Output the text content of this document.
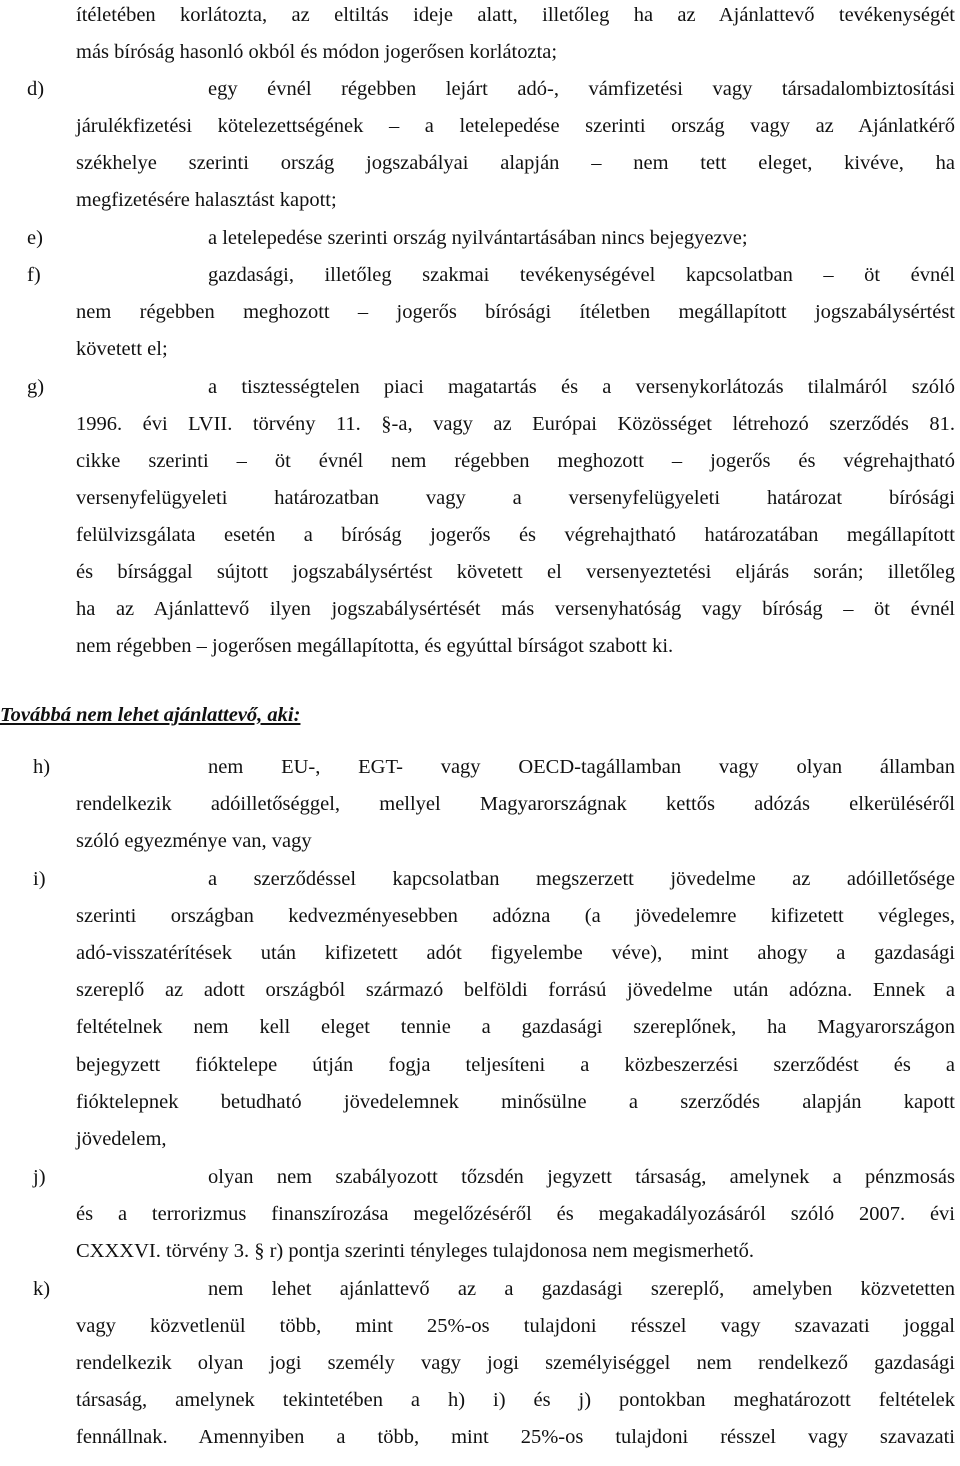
ítéletében korlátozta, az eltiltás ideje alatt, illetőleg ha az Ajánlattevő tevékenységét
más bíróság hasonló okból és módon jogerősen korlátozta;
d)	egy évnél régebben lejárt adó-, vámfizetési vagy társadalombiztosítási
járulékfizetési kötelezettségének – a letelepedése szerinti ország vagy az Ajánlatkérő
székhelye szerinti ország jogszabályai alapján – nem tett eleget, kivéve, ha
megfizetésére halasztást kapott;
e)	a letelepedése szerinti ország nyilvántartásában nincs bejegyezve;
f)	gazdasági, illetőleg szakmai tevékenységével kapcsolatban – öt évnél
nem régebben meghozott – jogerős bírósági ítéletben megállapított jogszabálysértést
követett el;
g)	a tisztességtelen piaci magatartás és a versenykorlátozás tilalmáról szóló
1996. évi LVII. törvény 11. §-a, vagy az Európai Közösséget létrehozó szerződés 81.
cikke szerinti – öt évnél nem régebben meghozott – jogerős és végrehajtható
versenyfelügyeleti határozatban vagy a versenyfelügyeleti határozat bírósági
felülvizsgálata esetén a bíróság jogerős és végrehajtható határozatában megállapított
és bírsággal sújtott jogszabálysértést követett el versenyeztetési eljárás során; illetőleg
ha az Ajánlattevő ilyen jogszabálysértését más versenyhatóság vagy bíróság – öt évnél
nem régebben – jogerősen megállapította, és egyúttal bírságot szabott ki.
Továbbá nem lehet ajánlattevő, aki:
h)	nem EU-, EGT- vagy OECD-tagállamban vagy olyan államban
rendelkezik adóilletőséggel, mellyel Magyarországnak kettős adózás elkerüléséről
szóló egyezménye van, vagy
i)	a szerződéssel kapcsolatban megszerzett jövedelme az adóilletősége
szerinti országban kedvezményesebben adózna (a jövedelemre kifizetett végleges,
adó-visszatérítések után kifizetett adót figyelembe véve), mint ahogy a gazdasági
szereplő az adott országból származó belföldi forrású jövedelme után adózna. Ennek a
feltételnek nem kell eleget tennie a gazdasági szereplőnek, ha Magyarországon
bejegyzett fióktelepe útján fogja teljesíteni a közbeszerzési szerződést és a
fióktelepnek betudható jövedelemnek minősülne a szerződés alapján kapott
jövedelem,
j)	olyan nem szabályozott tőzsdén jegyzett társaság, amelynek a pénzmosás
és a terrorizmus finanszírozása megelőzéséről és megakadályozásáról szóló 2007. évi
CXXXVI. törvény 3. § r) pontja szerinti tényleges tulajdonosa nem megismerhető.
k)	nem lehet ajánlattevő az a gazdasági szereplő, amelyben közvetetten
vagy közvetlenül több, mint 25%-os tulajdoni résszel vagy szavazati joggal
rendelkezik olyan jogi személy vagy jogi személyiséggel nem rendelkező gazdasági
társaság, amelynek tekintetében a h) i) és j) pontokban meghatározott feltételek
fennállnak. Amennyiben a több, mint 25%-os tulajdoni résszel vagy szavazati
